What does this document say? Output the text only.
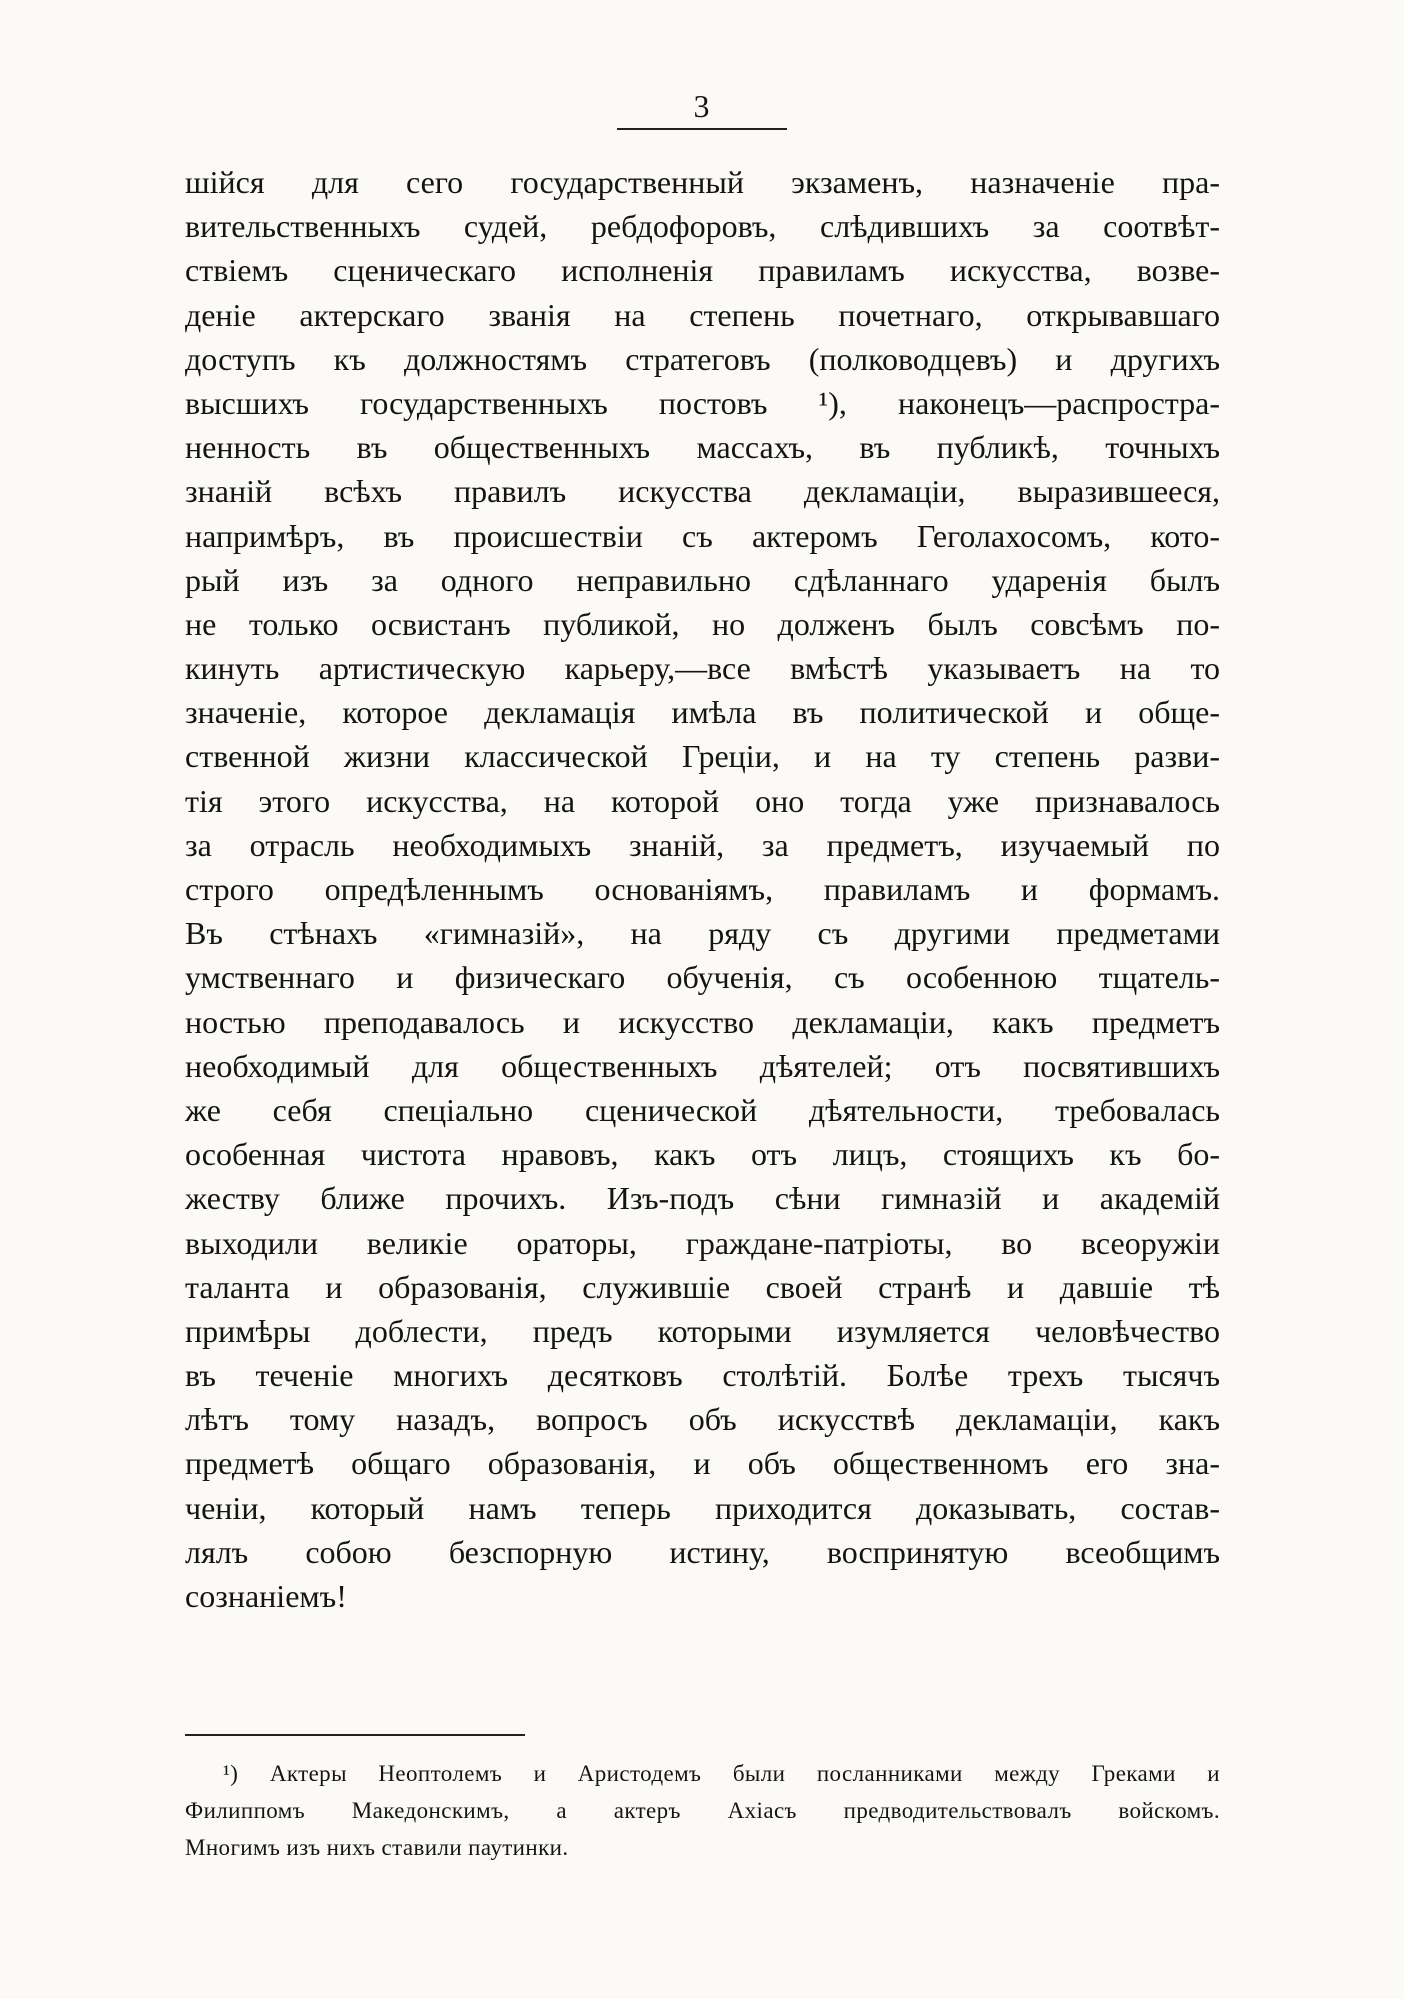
3
шійся для сего государственный экзаменъ, назначеніе пра-
вительственныхъ судей, ребдофоровъ, слѣдившихъ за соотвѣт-
ствіемъ сценическаго исполненія правиламъ искусства, возве-
деніе актерскаго званія на степень почетнаго, открывавшаго
доступъ къ должностямъ стратеговъ (полководцевъ) и другихъ
высшихъ государственныхъ постовъ ¹), наконецъ—распростра-
ненность въ общественныхъ массахъ, въ публикѣ, точныхъ
знаній всѣхъ правилъ искусства декламаціи, выразившееся,
напримѣръ, въ происшествіи съ актеромъ Геголахосомъ, кото-
рый изъ за одного неправильно сдѣланнаго ударенія былъ
не только освистанъ публикой, но долженъ былъ совсѣмъ по-
кинуть артистическую карьеру,—все вмѣстѣ указываетъ на то
значеніе, которое декламація имѣла въ политической и обще-
ственной жизни классической Греціи, и на ту степень разви-
тія этого искусства, на которой оно тогда уже признавалось
за отрасль необходимыхъ знаній, за предметъ, изучаемый по
строго опредѣленнымъ основаніямъ, правиламъ и формамъ.
Въ стѣнахъ «гимназій», на ряду съ другими предметами
умственнаго и физическаго обученія, съ особенною тщатель-
ностью преподавалось и искусство декламаціи, какъ предметъ
необходимый для общественныхъ дѣятелей; отъ посвятившихъ
же себя спеціально сценической дѣятельности, требовалась
особенная чистота нравовъ, какъ отъ лицъ, стоящихъ къ бо-
жеству ближе прочихъ. Изъ-подъ сѣни гимназій и академій
выходили великіе ораторы, граждане-патріоты, во всеоружіи
таланта и образованія, служившіе своей странѣ и давшіе тѣ
примѣры доблести, предъ которыми изумляется человѣчество
въ теченіе многихъ десятковъ столѣтій. Болѣе трехъ тысячъ
лѣтъ тому назадъ, вопросъ объ искусствѣ декламаціи, какъ
предметѣ общаго образованія, и объ общественномъ его зна-
ченіи, который намъ теперь приходится доказывать, состав-
лялъ собою безспорную истину, воспринятую всеобщимъ
сознаніемъ!
¹) Актеры Неоптолемъ и Аристодемъ были посланниками между Греками и
Филиппомъ Македонскимъ, а актеръ Ахіасъ предводительствовалъ войскомъ.
Многимъ изъ нихъ ставили паутинки.
